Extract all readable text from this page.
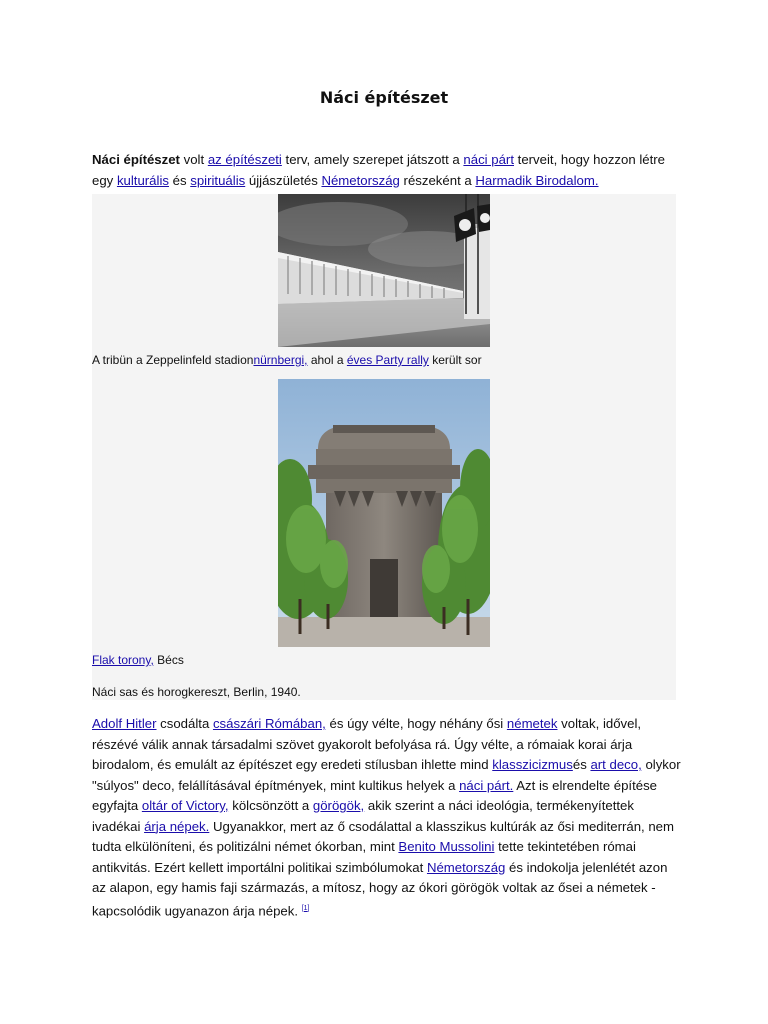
Náci építészet

Náci építészet volt az építészeti terv, amely szerepet játszott a náci párt terveit, hogy hozzon létre egy kulturális és spirituális újjászületés Németország részeként a Harmadik Birodalom.

A tribün a Zeppelinfeld stadionnürnbergi, ahol a éves Party rally került sor
Flak torony, Bécs
Náci sas és horogkereszt, Berlin, 1940.

Adolf Hitler csodálta császári Rómában, és úgy vélte, hogy néhány ősi németek voltak, idővel, részévé válik annak társadalmi szövet gyakorolt befolyása rá. Úgy vélte, a rómaiak korai árja birodalom, és emulált az építészet egy eredeti stílusban ihlette mind klasszicizmusés art deco, olykor "súlyos" deco, felállításával építmények, mint kultikus helyek a náci párt. Azt is elrendelte építése egyfajta oltár of Victory, kölcsönzött a görögök, akik szerint a náci ideológia, termékenyítettek ivadékai árja népek. Ugyanakkor, mert az ő csodálattal a klasszikus kultúrák az ősi mediterrán, nem tudta elkülöníteni, és politizálni német ókorban, mint Benito Mussolini tette tekintetében római antikvitás. Ezért kellett importálni politikai szimbólumokat Németország és indokolja jelenlétét azon az alapon, egy hamis faji származás, a mítosz, hogy az ókori görögök voltak az ősei a németek - kapcsolódik ugyanazon árja népek. [1]
